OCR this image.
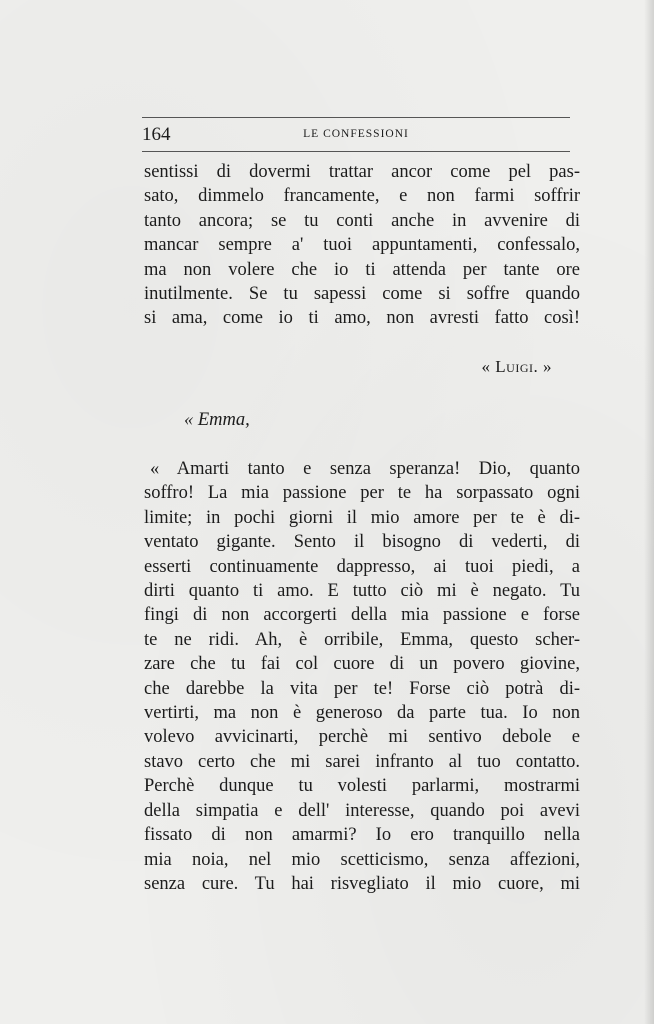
164	LE CONFESSIONI
sentissi di dovermi trattar ancor come pel pas-
sato, dimmelo francamente, e non farmi soffrir
tanto ancora; se tu conti anche in avvenire di
mancar sempre a' tuoi appuntamenti, confessalo,
ma non volere che io ti attenda per tante ore
inutilmente. Se tu sapessi come si soffre quando
si ama, come io ti amo, non avresti fatto così!
« Luigi. »
« Emma,
« Amarti tanto e senza speranza! Dio, quanto
soffro! La mia passione per te ha sorpassato ogni
limite; in pochi giorni il mio amore per te è di-
ventato gigante. Sento il bisogno di vederti, di
esserti continuamente dappresso, ai tuoi piedi, a
dirti quanto ti amo. E tutto ciò mi è negato. Tu
fingi di non accorgerti della mia passione e forse
te ne ridi. Ah, è orribile, Emma, questo scher-
zare che tu fai col cuore di un povero giovine,
che darebbe la vita per te! Forse ciò potrà di-
vertirti, ma non è generoso da parte tua. Io non
volevo avvicinarti, perchè mi sentivo debole e
stavo certo che mi sarei infranto al tuo contatto.
Perchè dunque tu volesti parlarmi, mostrarmi
della simpatia e dell' interesse, quando poi avevi
fissato di non amarmi? Io ero tranquillo nella
mia noia, nel mio scetticismo, senza affezioni,
senza cure. Tu hai risvegliato il mio cuore, mi
